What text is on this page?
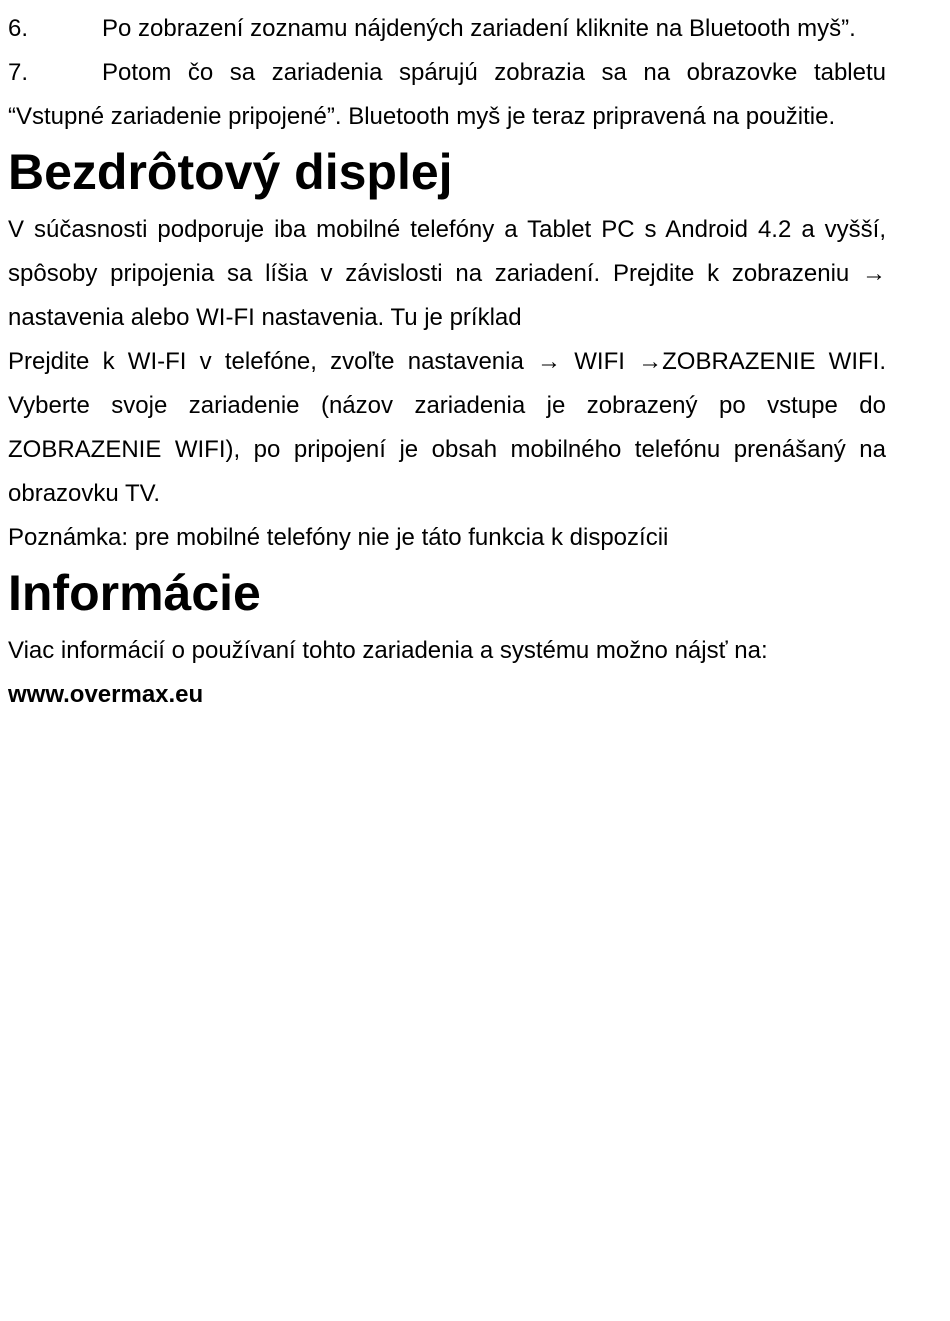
6.	Po zobrazení zoznamu nájdených zariadení kliknite na Bluetooth myš”.

7.	Potom čo sa zariadenia spárujú zobrazia sa na obrazovke tabletu “Vstupné zariadenie pripojené”. Bluetooth myš je teraz pripravená na použitie.

Bezdrôtový displej

V súčasnosti podporuje iba mobilné telefóny a Tablet PC s Android 4.2 a vyšší, spôsoby pripojenia sa líšia v závislosti na zariadení. Prejdite k zobrazeniu → nastavenia alebo WI-FI nastavenia. Tu je príklad

Prejdite k WI-FI v telefóne, zvoľte nastavenia → WIFI →ZOBRAZENIE WIFI. Vyberte svoje zariadenie (názov zariadenia je zobrazený po vstupe do ZOBRAZENIE WIFI), po pripojení je obsah mobilného telefónu prenášaný na obrazovku TV.

Poznámka: pre mobilné telefóny nie je táto funkcia k dispozícii

Informácie

Viac informácií o používaní tohto zariadenia a systému možno nájsť na:
www.overmax.eu
